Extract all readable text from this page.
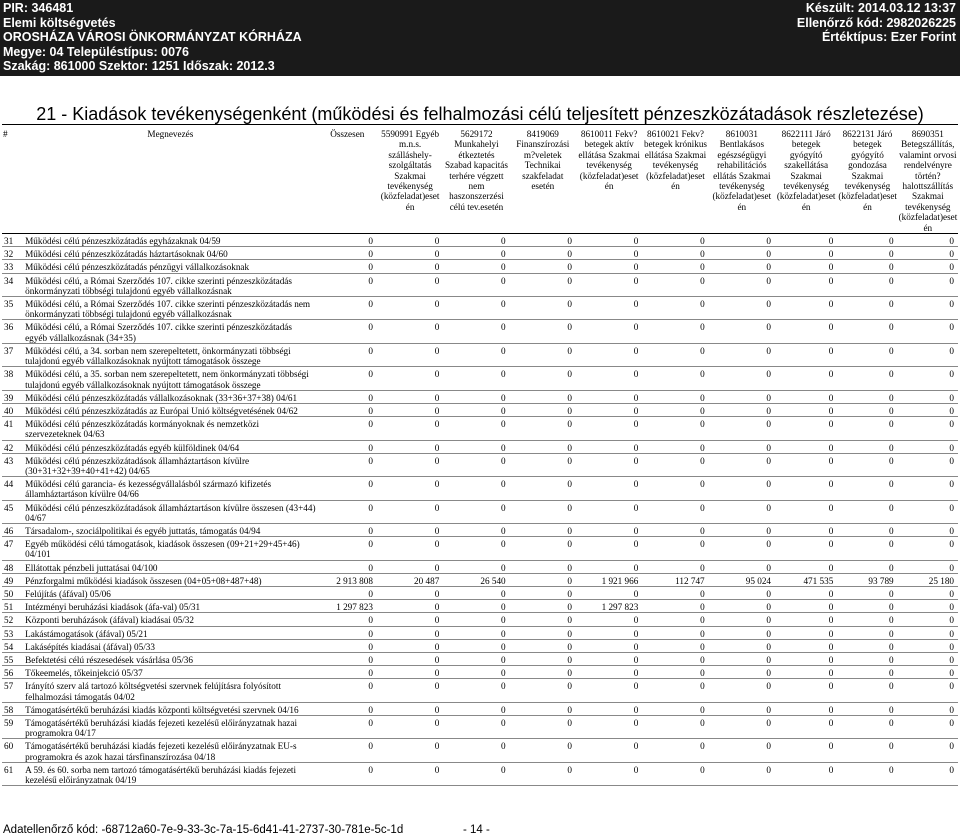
PIR: 346481
Elemi költségvetés
OROSHÁZA VÁROSI ÖNKORMÁNYZAT KÓRHÁZA
Megye: 04 Településtípus: 0076
Szakág: 861000 Szektor: 1251 Időszak: 2012.3
Készült: 2014.03.12 13:37
Ellenőrző kód: 2982026225
Értéktípus: Ezer Forint
21 - Kiadások tevékenységenként (működési és felhalmozási célú teljesített pénzeszközátadások részletezése)
#	Megnevezés	Összesen	5590991 Egyéb m.n.s. szálláshely-szolgáltatás Szakmai tevékenység (közfeladat)eset én	5629172 Munkahelyi étkeztetés Szabad kapacitás terhére végzett nem haszonszerzési célú tev.esetén	8419069 Finanszírozási m?veletek Technikai szakfeladat esetén	8610011 Fekv?betegek aktív ellátása Szakmai tevékenység (közfeladat)eset én	8610021 Fekv?betegek krónikus ellátása Szakmai tevékenység (közfeladat)eset én	8610031 Bentlakásos egészségügyi rehabilitációs ellátás Szakmai tevékenység (közfeladat)eset én	8622111 Járó betegek gyógyító szakellátása Szakmai tevékenység (közfeladat)eset én	8622131 Járó betegek gyógyító gondozása Szakmai tevékenység (közfeladat)eset én	8690351 Betegszállítás, valamint orvosi rendelvényre történ? halottszállítás Szakmai tevékenység (közfeladat)eset én
31	Működési célú pénzeszközátadás egyházaknak 04/59	0	0	0	0	0	0	0	0	0	0
32	Működési célú pénzeszközátadás háztartásoknak 04/60	0	0	0	0	0	0	0	0	0	0
33	Működési célú pénzeszközátadás pénzügyi vállalkozásoknak	0	0	0	0	0	0	0	0	0	0
34	Működési célú, a Római Szerződés 107. cikke szerinti pénzeszközátadás önkormányzati többségi tulajdonú egyéb vállalkozásnak	0	0	0	0	0	0	0	0	0	0
35	Működési célú, a Római Szerződés 107. cikke szerinti pénzeszközátadás nem önkormányzati többségi tulajdonú egyéb vállalkozásnak	0	0	0	0	0	0	0	0	0	0
36	Működési célú, a Római Szerződés 107. cikke szerinti pénzeszközátadás egyéb vállalkozásnak (34+35)	0	0	0	0	0	0	0	0	0	0
37	Működési célú, a 34. sorban nem szerepeltetett, önkormányzati többségi tulajdonú egyéb vállalkozásoknak nyújtott támogatások összege	0	0	0	0	0	0	0	0	0	0
38	Működési célú, a 35. sorban nem szerepeltetett, nem önkormányzati többségi tulajdonú egyéb vállalkozásoknak nyújtott támogatások összege	0	0	0	0	0	0	0	0	0	0
39	Működési célú pénzeszközátadás vállalkozásoknak (33+36+37+38) 04/61	0	0	0	0	0	0	0	0	0	0
40	Működési célú pénzeszközátadás az Európai Unió költségvetésének 04/62	0	0	0	0	0	0	0	0	0	0
41	Működési célú pénzeszközátadás kormányoknak és nemzetközi szervezeteknek 04/63	0	0	0	0	0	0	0	0	0	0
42	Működési célú pénzeszközátadás egyéb külföldinek 04/64	0	0	0	0	0	0	0	0	0	0
43	Működési célú pénzeszközátadások államháztartáson kívülre (30+31+32+39+40+41+42) 04/65	0	0	0	0	0	0	0	0	0	0
44	Működési célú garancia- és kezességvállalásból származó kifizetés államháztartáson kívülre 04/66	0	0	0	0	0	0	0	0	0	0
45	Működési célú pénzeszközátadások államháztartáson kívülre összesen (43+44) 04/67	0	0	0	0	0	0	0	0	0	0
46	Társadalom-, szociálpolitikai és egyéb juttatás, támogatás 04/94	0	0	0	0	0	0	0	0	0	0
47	Egyéb működési célú támogatások, kiadások összesen (09+21+29+45+46) 04/101	0	0	0	0	0	0	0	0	0	0
48	Ellátottak pénzbeli juttatásai 04/100	0	0	0	0	0	0	0	0	0	0
49	Pénzforgalmi működési kiadások összesen (04+05+08+487+48)	2 913 808	20 487	26 540	0	1 921 966	112 747	95 024	471 535	93 789	25 180
50	Felújítás (áfával) 05/06	0	0	0	0	0	0	0	0	0	0
51	Intézményi beruházási kiadások (áfa-val) 05/31	1 297 823	0	0	0	1 297 823	0	0	0	0	0
52	Központi beruházások (áfával) kiadásai 05/32	0	0	0	0	0	0	0	0	0	0
53	Lakástámogatások (áfával) 05/21	0	0	0	0	0	0	0	0	0	0
54	Lakásépítés kiadásai (áfával) 05/33	0	0	0	0	0	0	0	0	0	0
55	Befektetési célú részesedések vásárlása 05/36	0	0	0	0	0	0	0	0	0	0
56	Tőkeemelés, tőkeinjekció 05/37	0	0	0	0	0	0	0	0	0	0
57	Irányító szerv alá tartozó költségvetési szervnek felújításra folyósított felhalmozási támogatás 04/02	0	0	0	0	0	0	0	0	0	0
58	Támogatásértékű beruházási kiadás központi költségvetési szervnek 04/16	0	0	0	0	0	0	0	0	0	0
59	Támogatásértékű beruházási kiadás fejezeti kezelésű előirányzatnak hazai programokra 04/17	0	0	0	0	0	0	0	0	0	0
60	Támogatásértékű beruházási kiadás fejezeti kezelésű előirányzatnak EU-s programokra és azok hazai társfinanszírozása 04/18	0	0	0	0	0	0	0	0	0	0
61	A 59. és 60. sorba nem tartozó támogatásértékű beruházási kiadás fejezeti kezelésű előirányzatnak 04/19	0	0	0	0	0	0	0	0	0	0
Adatellenőrző kód: -68712a60-7e-9-33-3c-7a-15-6d41-41-2737-30-781e-5c-1d	- 14 -
